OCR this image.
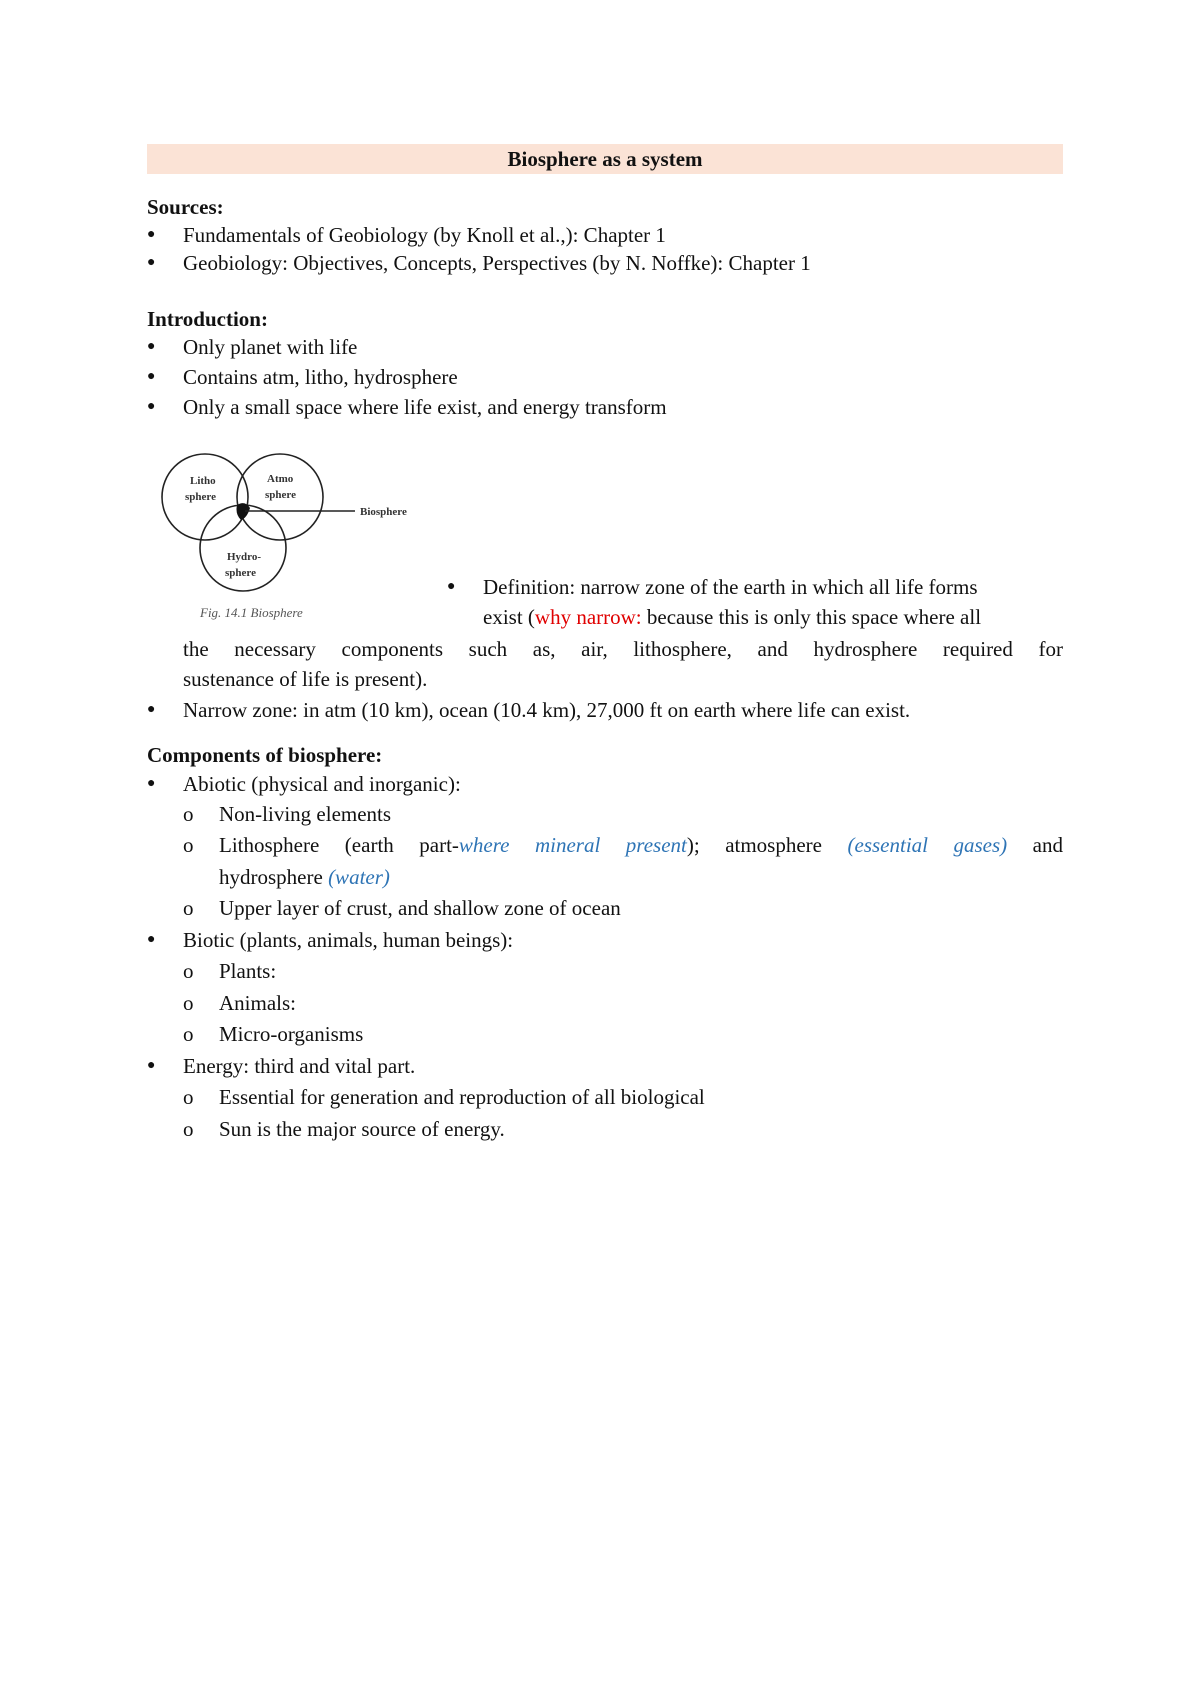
Biosphere as a system
Sources:
●
Fundamentals of Geobiology (by Knoll et al.,): Chapter 1
●
Geobiology: Objectives, Concepts, Perspectives (by N. Noffke): Chapter 1
Introduction:
●
Only planet with life
●
Contains atm, litho, hydrosphere
●
Only a small space where life exist, and energy transform
Litho
sphere
Atmo
sphere
Hydro-
sphere
Biosphere
Fig. 14.1 Biosphere
●
Definition: narrow zone of the earth in which all life forms
exist (why narrow: because this is only this space where all
the necessary components such as, air, lithosphere, and hydrosphere required for
sustenance of life is present).
●
Narrow zone: in atm (10 km), ocean (10.4 km), 27,000 ft on earth where life can exist.
Components of biosphere:
●
Abiotic (physical and inorganic):
o Non-living elements
o Lithosphere (earth part-where mineral present); atmosphere (essential gases) and
hydrosphere (water)
o Upper layer of crust, and shallow zone of ocean
●
Biotic (plants, animals, human beings):
o Plants:
o Animals:
o Micro-organisms
●
Energy: third and vital part.
o Essential for generation and reproduction of all biological
o Sun is the major source of energy.
